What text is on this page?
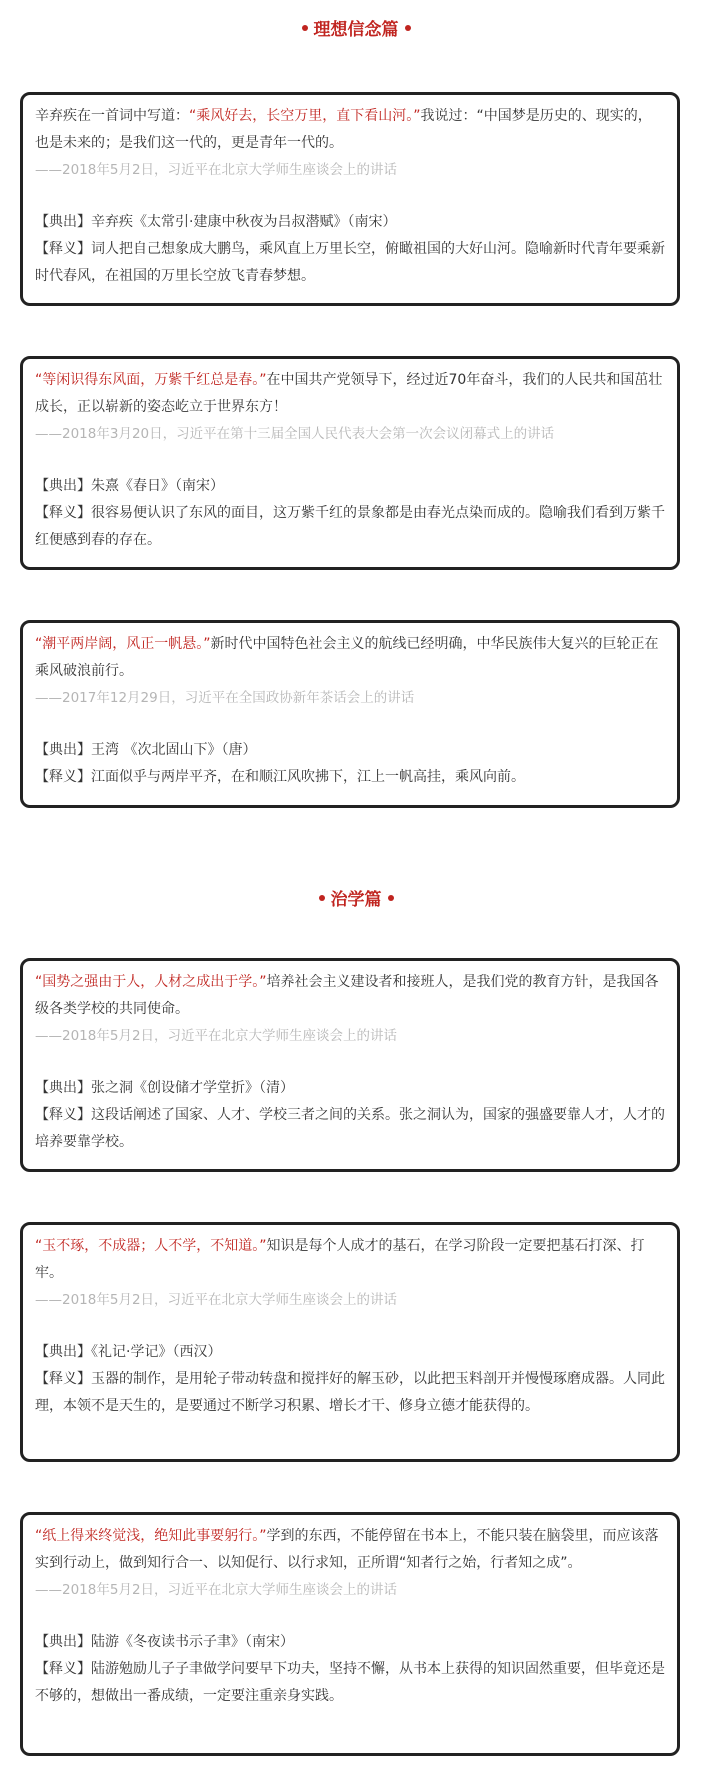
理想信念篇

辛弃疾在一首词中写道：“乘风好去，长空万里，直下看山河。”我说过：“中国梦是历史的、现实的，也是未来的；是我们这一代的，更是青年一代的。

——2018年5月2日，习近平在北京大学师生座谈会上的讲话

【典出】辛弃疾《太常引·建康中秋夜为吕叔潜赋》（南宋）

【释义】词人把自己想象成大鹏鸟，乘风直上万里长空，俯瞰祖国的大好山河。隐喻新时代青年要乘新时代春风，在祖国的万里长空放飞青春梦想。

“等闲识得东风面，万紫千红总是春。”在中国共产党领导下，经过近70年奋斗，我们的人民共和国茁壮成长，正以崭新的姿态屹立于世界东方！

——2018年3月20日，习近平在第十三届全国人民代表大会第一次会议闭幕式上的讲话

【典出】朱熹《春日》（南宋）

【释义】很容易便认识了东风的面目，这万紫千红的景象都是由春光点染而成的。隐喻我们看到万紫千红便感到春的存在。

“潮平两岸阔，风正一帆悬。”新时代中国特色社会主义的航线已经明确，中华民族伟大复兴的巨轮正在乘风破浪前行。

——2017年12月29日，习近平在全国政协新年茶话会上的讲话

【典出】王湾 《次北固山下》（唐）

【释义】江面似乎与两岸平齐，在和顺江风吹拂下，江上一帆高挂，乘风向前。

治学篇

“国势之强由于人，人材之成出于学。”培养社会主义建设者和接班人，是我们党的教育方针，是我国各级各类学校的共同使命。

——2018年5月2日，习近平在北京大学师生座谈会上的讲话

【典出】张之洞《创设储才学堂折》（清）

【释义】这段话阐述了国家、人才、学校三者之间的关系。张之洞认为，国家的强盛要靠人才，人才的培养要靠学校。

“玉不琢，不成器；人不学，不知道。”知识是每个人成才的基石，在学习阶段一定要把基石打深、打牢。

——2018年5月2日，习近平在北京大学师生座谈会上的讲话

【典出】《礼记·学记》（西汉）

【释义】玉器的制作，是用轮子带动转盘和搅拌好的解玉砂，以此把玉料剖开并慢慢琢磨成器。人同此理，本领不是天生的，是要通过不断学习积累、增长才干、修身立德才能获得的。

“纸上得来终觉浅，绝知此事要躬行。”学到的东西，不能停留在书本上，不能只装在脑袋里，而应该落实到行动上，做到知行合一、以知促行、以行求知，正所谓“知者行之始，行者知之成”。

——2018年5月2日，习近平在北京大学师生座谈会上的讲话

【典出】陆游《冬夜读书示子聿》（南宋）

【释义】陆游勉励儿子子聿做学问要早下功夫，坚持不懈，从书本上获得的知识固然重要，但毕竟还是不够的，想做出一番成绩，一定要注重亲身实践。
